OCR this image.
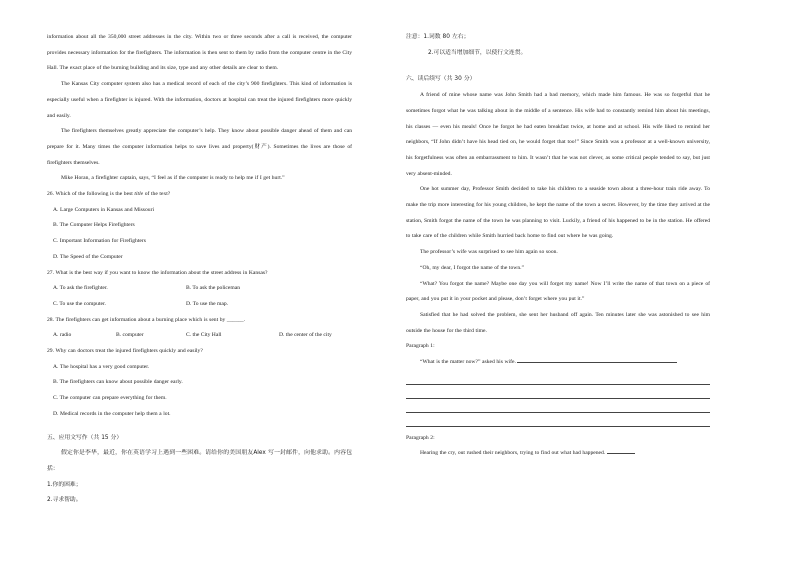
information about all the 350,000 street addresses in the city. Within two or three seconds after a call is received, the computer provides necessary information for the firefighters. The information is then sent to them by radio from the computer centre in the City Hall. The exact place of the burning building and its size, type and any other details are clear to them.

The Kansas City computer system also has a medical record of each of the city’s 900 firefighters. This kind of information is especially useful when a firefighter is injured. With the information, doctors at hospital can treat the injured firefighters more quickly and easily.

The firefighters themselves greatly appreciate the computer’s help. They know about possible danger ahead of them and can prepare for it. Many times the computer information helps to save lives and property(财产). Sometimes the lives are those of firefighters themselves.

Mike Horan, a firefighter captain, says, “I feel as if the computer is ready to help me if I get hurt.”

26. Which of the following is the best title of the text?

A. Large Computers in Kansas and Missouri

B. The Computer Helps Firefighters

C. Important Information for Firefighters

D. The Speed of the Computer

27. What is the best way if you want to know the information about the street address in Kansas?

A. To ask the firefighter.	B. To ask the policeman
C. To use the computer.	D. To use the map.

28. The firefighters can get information about a burning place which is sent by ______.

A. radio	B. computer	C. the City Hall	D. the center of the city

29. Why can doctors treat the injured firefighters quickly and easily?

A. The hospital has a very good computer.

B. The firefighters can know about possible danger early.

C. The computer can prepare everything for them.

D. Medical records in the computer help them a lot.

五、应用文写作（共 15 分）

假定你是李华，最近，你在英语学习上遇到一些困难。请给你的美国朋友Alex 写一封邮件，向他求助。内容包括：

1.你的困难；

2.寻求帮助。

注意：1.词数 80 左右；

2.可以适当增加细节，以使行文连贯。

六、读后续写（共 30 分）

A friend of mine whose name was John Smith had a bad memory, which made him famous. He was so forgetful that he sometimes forgot what he was talking about in the middle of a sentence. His wife had to constantly remind him about his meetings, his classes — even his meals! Once he forgot he had eaten breakfast twice, at home and at school. His wife liked to remind her neighbors, “If John didn’t have his head tied on, he would forget that too!” Since Smith was a professor at a well-known university, his forgetfulness was often an embarrassment to him. It wasn’t that he was not clever, as some critical people tended to say, but just very absent-minded.

One hot summer day, Professor Smith decided to take his children to a seaside town about a three-hour train ride away. To make the trip more interesting for his young children, he kept the name of the town a secret. However, by the time they arrived at the station, Smith forgot the name of the town he was planning to visit. Luckily, a friend of his happened to be in the station. He offered to take care of the children while Smith hurried back home to find out where he was going.

The professor’s wife was surprised to see him again so soon.

“Oh, my dear, I forgot the name of the town.”

“What? You forgot the name? Maybe one day you will forget my name! Now I’ll write the name of that town on a piece of paper, and you put it in your pocket and please, don’t forget where you put it.”

Satisfied that he had solved the problem, she sent her husband off again. Ten minutes later she was astonished to see him outside the house for the third time.

Paragraph 1:

“What is the matter now?” asked his wife.

Paragraph 2:

Hearing the cry, out rushed their neighbors, trying to find out what had happened.
